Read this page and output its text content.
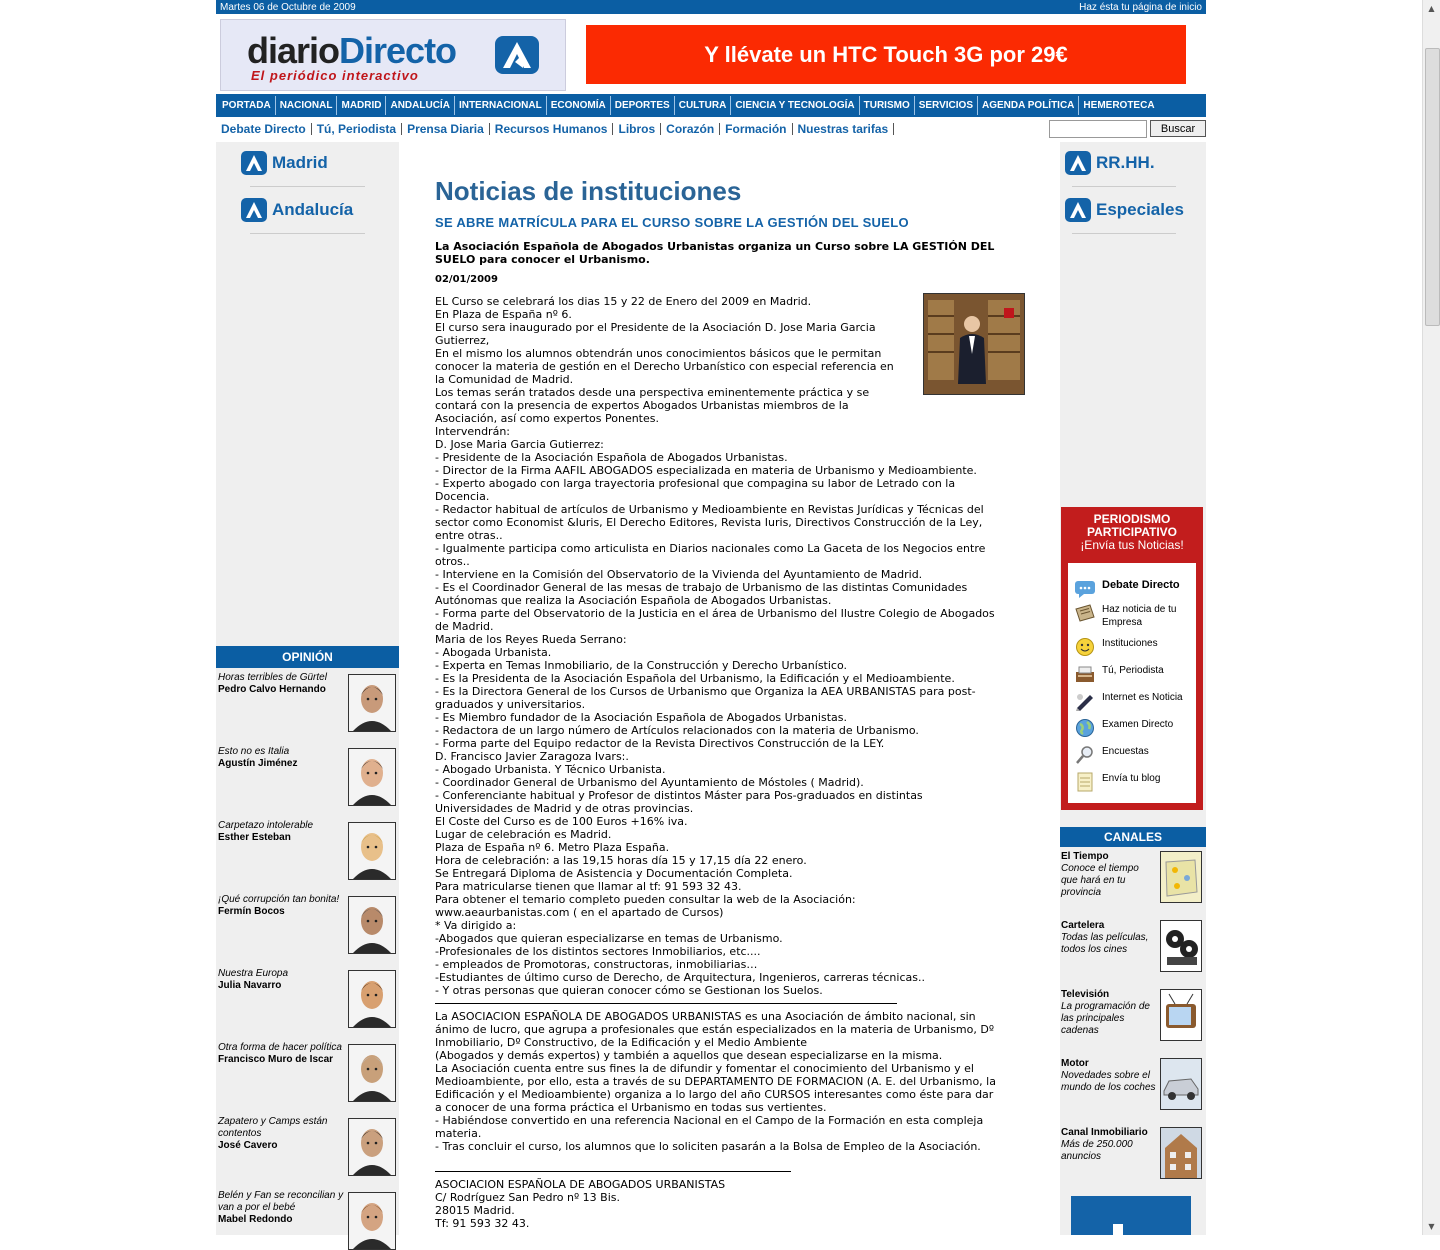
Martes 06 de Octubre de 2009	Haz ésta tu página de inicio
diarioDirecto
El periódico interactivo
Y llévate un HTC Touch 3G por 29€
PORTADA NACIONAL MADRID ANDALUCÍA INTERNACIONAL ECONOMÍA DEPORTES CULTURA CIENCIA Y TECNOLOGÍA TURISMO SERVICIOS AGENDA POLÍTICA HEMEROTECA
Debate Directo Tú, Periodista Prensa Diaria Recursos Humanos Libros Corazón Formación Nuestras tarifas	Buscar
Madrid
Andalucía
OPINIÓN
Horas terribles de Gürtel
Pedro Calvo Hernando
Esto no es Italia
Agustín Jiménez
Carpetazo intolerable
Esther Esteban
¡Qué corrupción tan bonita!
Fermín Bocos
Nuestra Europa
Julia Navarro
Otra forma de hacer política
Francisco Muro de Iscar
Zapatero y Camps están contentos
José Cavero
Belén y Fan se reconcilian y van a por el bebé
Mabel Redondo
Noticias de instituciones
SE ABRE MATRÍCULA PARA EL CURSO SOBRE LA GESTIÓN DEL SUELO
La Asociación Española de Abogados Urbanistas organiza un Curso sobre LA GESTIÓN DEL SUELO para conocer el Urbanismo.
02/01/2009
EL Curso se celebrará los dias 15 y 22 de Enero del 2009 en Madrid.
En Plaza de España nº 6.
El curso sera inaugurado por el Presidente de la Asociación D. Jose Maria Garcia
Gutierrez,
En el mismo los alumnos obtendrán unos conocimientos básicos que le permitan
conocer la materia de gestión en el Derecho Urbanístico con especial referencia en
la Comunidad de Madrid.
Los temas serán tratados desde una perspectiva eminentemente práctica y se
contará con la presencia de expertos Abogados Urbanistas miembros de la
Asociación, así como expertos Ponentes.
Intervendrán:
D. Jose Maria Garcia Gutierrez:
- Presidente de la Asociación Española de Abogados Urbanistas.
- Director de la Firma AAFIL ABOGADOS especializada en materia de Urbanismo y Medioambiente.
- Experto abogado con larga trayectoria profesional que compagina su labor de Letrado con la
Docencia.
- Redactor habitual de artículos de Urbanismo y Medioambiente en Revistas Jurídicas y Técnicas del
sector como Economist &Iuris, El Derecho Editores, Revista Iuris, Directivos Construcción de la Ley,
entre otras..
- Igualmente participa como articulista en Diarios nacionales como La Gaceta de los Negocios entre
otros..
- Interviene en la Comisión del Observatorio de la Vivienda del Ayuntamiento de Madrid.
- Es el Coordinador General de las mesas de trabajo de Urbanismo de las distintas Comunidades
Autónomas que realiza la Asociación Española de Abogados Urbanistas.
- Forma parte del Observatorio de la Justicia en el área de Urbanismo del Ilustre Colegio de Abogados
de Madrid.
Maria de los Reyes Rueda Serrano:
- Abogada Urbanista.
- Experta en Temas Inmobiliario, de la Construcción y Derecho Urbanístico.
- Es la Presidenta de la Asociación Española del Urbanismo, la Edificación y el Medioambiente.
- Es la Directora General de los Cursos de Urbanismo que Organiza la AEA URBANISTAS para post-
graduados y universitarios.
- Es Miembro fundador de la Asociación Española de Abogados Urbanistas.
- Redactora de un largo número de Artículos relacionados con la materia de Urbanismo.
- Forma parte del Equipo redactor de la Revista Directivos Construcción de la LEY.
D. Francisco Javier Zaragoza Ivars:.
- Abogado Urbanista. Y Técnico Urbanista.
- Coordinador General de Urbanismo del Ayuntamiento de Móstoles ( Madrid).
- Conferenciante habitual y Profesor de distintos Máster para Pos-graduados en distintas
Universidades de Madrid y de otras provincias.
El Coste del Curso es de 100 Euros +16% iva.
Lugar de celebración es Madrid.
Plaza de España nº 6. Metro Plaza España.
Hora de celebración: a las 19,15 horas día 15 y 17,15 día 22 enero.
Se Entregará Diploma de Asistencia y Documentación Completa.
Para matricularse tienen que llamar al tf: 91 593 32 43.
Para obtener el temario completo pueden consultar la web de la Asociación:
www.aeaurbanistas.com ( en el apartado de Cursos)
* Va dirigido a:
-Abogados que quieran especializarse en temas de Urbanismo.
-Profesionales de los distintos sectores Inmobiliarios, etc....
- empleados de Promotoras, constructoras, inmobiliarias…
-Estudiantes de último curso de Derecho, de Arquitectura, Ingenieros, carreras técnicas..
- Y otras personas que quieran conocer cómo se Gestionan los Suelos.
La ASOCIACION ESPAÑOLA DE ABOGADOS URBANISTAS es una Asociación de ámbito nacional, sin
ánimo de lucro, que agrupa a profesionales que están especializados en la materia de Urbanismo, Dº
Inmobiliario, Dº Constructivo, de la Edificación y el Medio Ambiente
(Abogados y demás expertos) y también a aquellos que desean especializarse en la misma.
La Asociación cuenta entre sus fines la de difundir y fomentar el conocimiento del Urbanismo y el
Medioambiente, por ello, esta a través de su DEPARTAMENTO DE FORMACION (A. E. del Urbanismo, la
Edificación y el Medioambiente) organiza a lo largo del año CURSOS interesantes como éste para dar
a conocer de una forma práctica el Urbanismo en todas sus vertientes.
- Habiéndose convertido en una referencia Nacional en el Campo de la Formación en esta compleja
materia.
- Tras concluir el curso, los alumnos que lo soliciten pasarán a la Bolsa de Empleo de la Asociación.
ASOCIACION ESPAÑOLA DE ABOGADOS URBANISTAS
C/ Rodríguez San Pedro nº 13 Bis.
28015 Madrid.
Tf: 91 593 32 43.
RR.HH.
Especiales
PERIODISMO
PARTICIPATIVO
¡Envía tus Noticias!
Debate Directo
Haz noticia de tu Empresa
Instituciones
Tú, Periodista
Internet es Noticia
Examen Directo
Encuestas
Envía tu blog
CANALES
El Tiempo
Conoce el tiempo que hará en tu provincia
Cartelera
Todas las películas, todos los cines
Televisión
La programación de las principales cadenas
Motor
Novedades sobre el mundo de los coches
Canal Inmobiliario
Más de 250.000 anuncios
▲
▼
